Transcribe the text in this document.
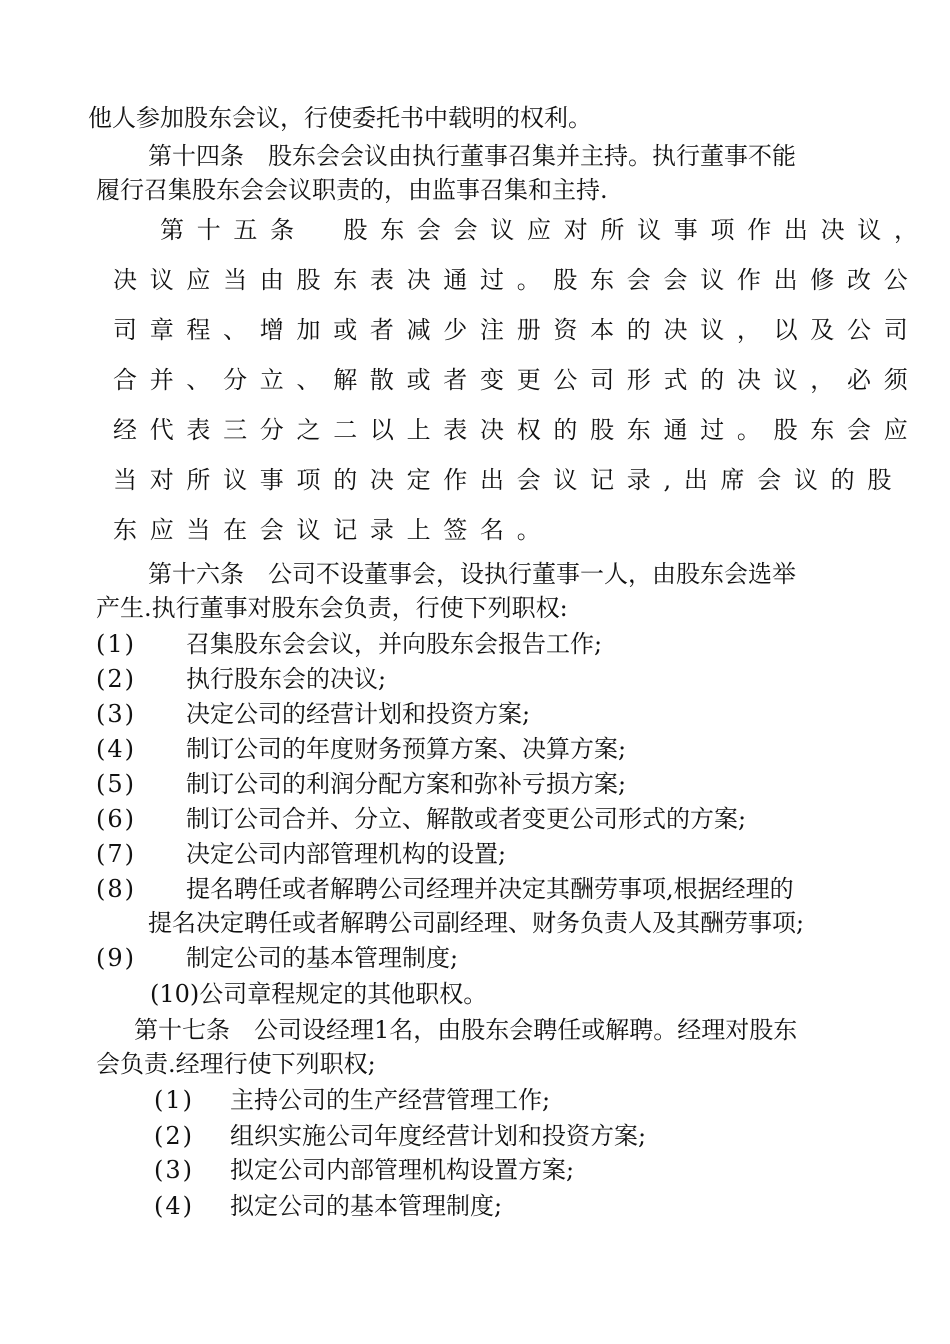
他人参加股东会议，行使委托书中载明的权利。
第十四条　股东会会议由执行董事召集并主持。执行董事不能
履行召集股东会会议职责的，由监事召集和主持.
第十五条　股东会会议应对所议事项作出决议，
决议应当由股东表决通过。股东会会议作出修改公
司章程、增加或者减少注册资本的决议，以及公司
合并、分立、解散或者变更公司形式的决议，必须
经代表三分之二以上表决权的股东通过。股东会应
当对所议事项的决定作出会议记录,出席会议的股
东应当在会议记录上签名。
第十六条　公司不设董事会，设执行董事一人，由股东会选举
产生.执行董事对股东会负责，行使下列职权:
(1) 召集股东会会议，并向股东会报告工作;
(2) 执行股东会的决议;
(3) 决定公司的经营计划和投资方案;
(4) 制订公司的年度财务预算方案、决算方案;
(5) 制订公司的利润分配方案和弥补亏损方案;
(6) 制订公司合并、分立、解散或者变更公司形式的方案;
(7) 决定公司内部管理机构的设置;
(8) 提名聘任或者解聘公司经理并决定其酬劳事项,根据经理的
提名决定聘任或者解聘公司副经理、财务负责人及其酬劳事项;
(9) 制定公司的基本管理制度;
(10)公司章程规定的其他职权。
第十七条　公司设经理1名，由股东会聘任或解聘。经理对股东
会负责.经理行使下列职权;
(1) 主持公司的生产经营管理工作;
(2) 组织实施公司年度经营计划和投资方案;
(3) 拟定公司内部管理机构设置方案;
(4) 拟定公司的基本管理制度;
